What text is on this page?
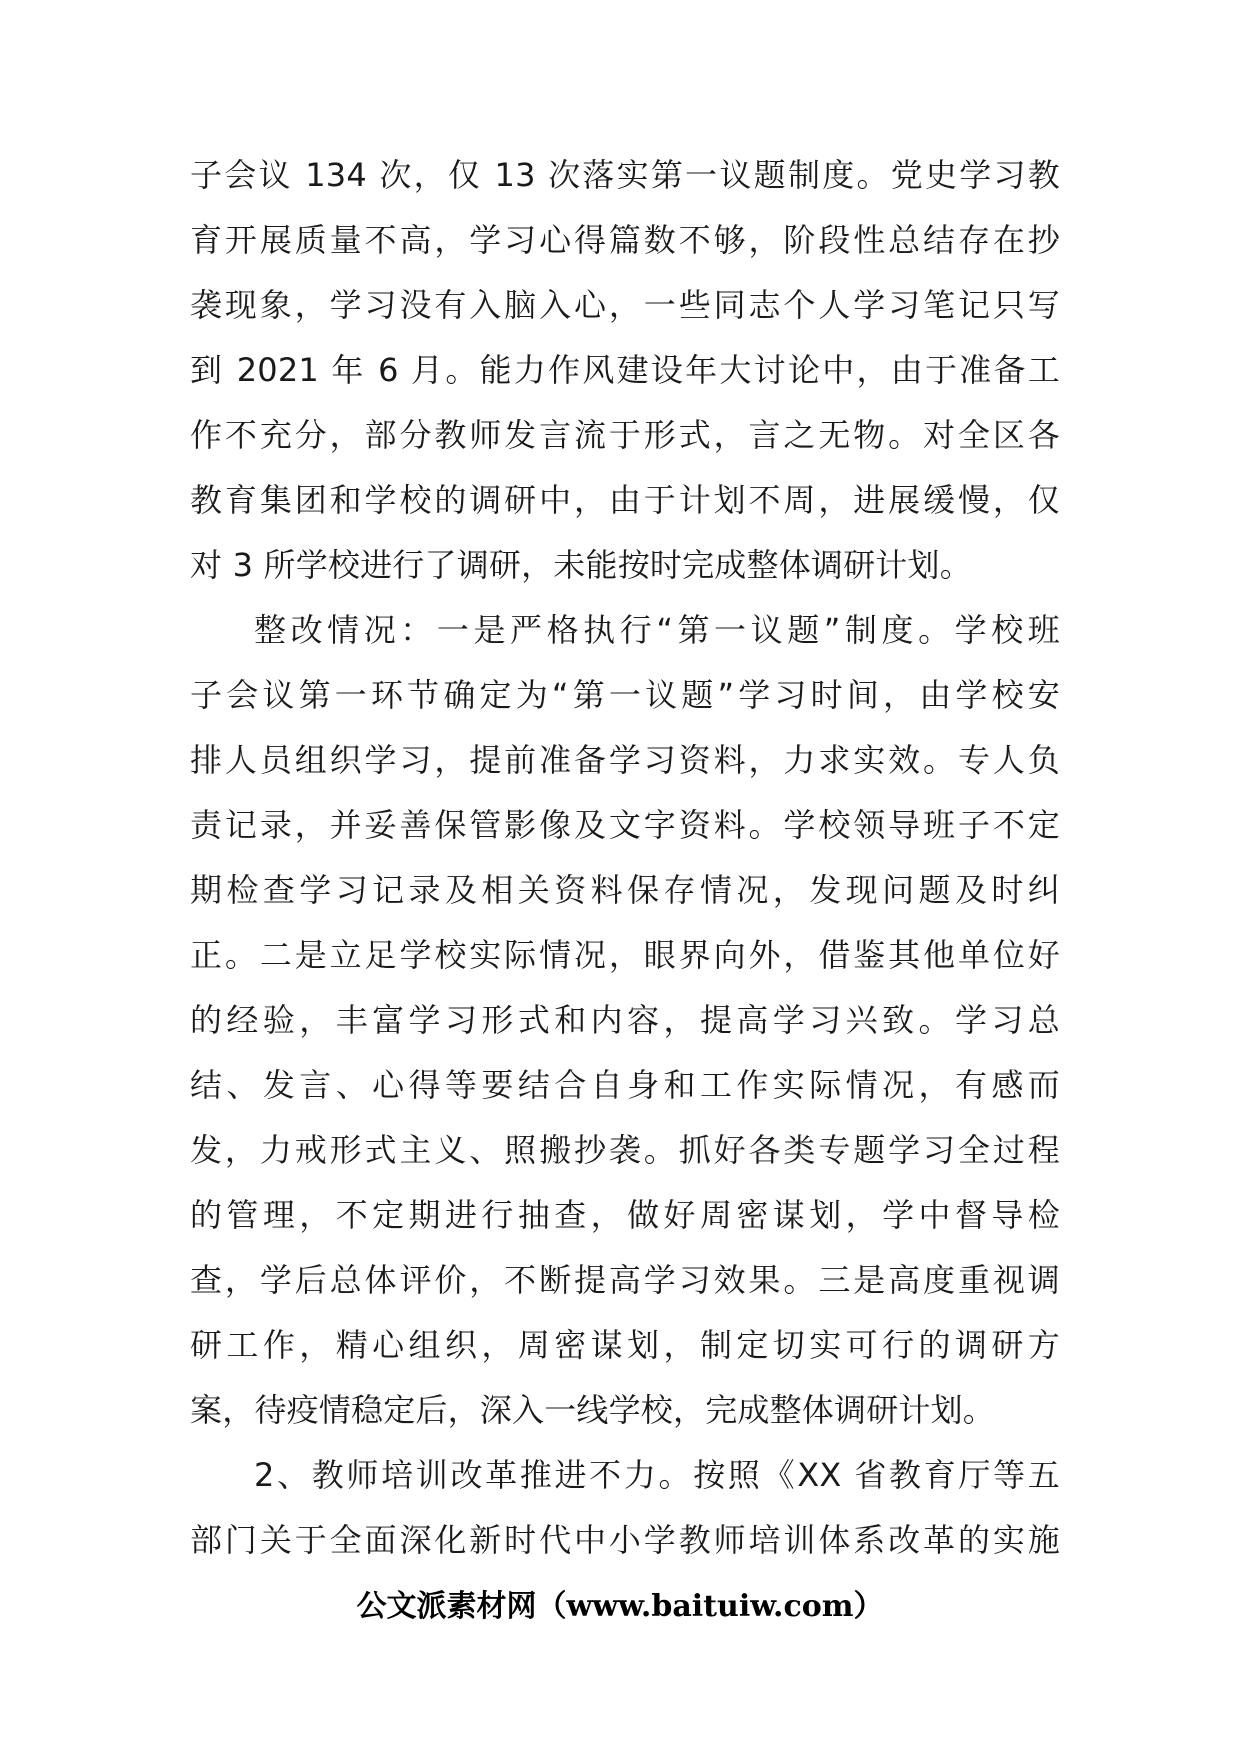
子会议 134 次，仅 13 次落实第一议题制度。党史学习教
育开展质量不高，学习心得篇数不够，阶段性总结存在抄
袭现象，学习没有入脑入心，一些同志个人学习笔记只写
到 2021 年 6 月。能力作风建设年大讨论中，由于准备工
作不充分，部分教师发言流于形式，言之无物。对全区各
教育集团和学校的调研中，由于计划不周，进展缓慢，仅
对 3 所学校进行了调研，未能按时完成整体调研计划。
整改情况：一是严格执行“第一议题”制度。学校班
子会议第一环节确定为“第一议题”学习时间，由学校安
排人员组织学习，提前准备学习资料，力求实效。专人负
责记录，并妥善保管影像及文字资料。学校领导班子不定
期检查学习记录及相关资料保存情况，发现问题及时纠
正。二是立足学校实际情况，眼界向外，借鉴其他单位好
的经验，丰富学习形式和内容，提高学习兴致。学习总
结、发言、心得等要结合自身和工作实际情况，有感而
发，力戒形式主义、照搬抄袭。抓好各类专题学习全过程
的管理，不定期进行抽查，做好周密谋划，学中督导检
查，学后总体评价，不断提高学习效果。三是高度重视调
研工作，精心组织，周密谋划，制定切实可行的调研方
案，待疫情稳定后，深入一线学校，完成整体调研计划。
2、教师培训改革推进不力。按照《XX 省教育厅等五
部门关于全面深化新时代中小学教师培训体系改革的实施
公文派素材网（www.baituiw.com）
